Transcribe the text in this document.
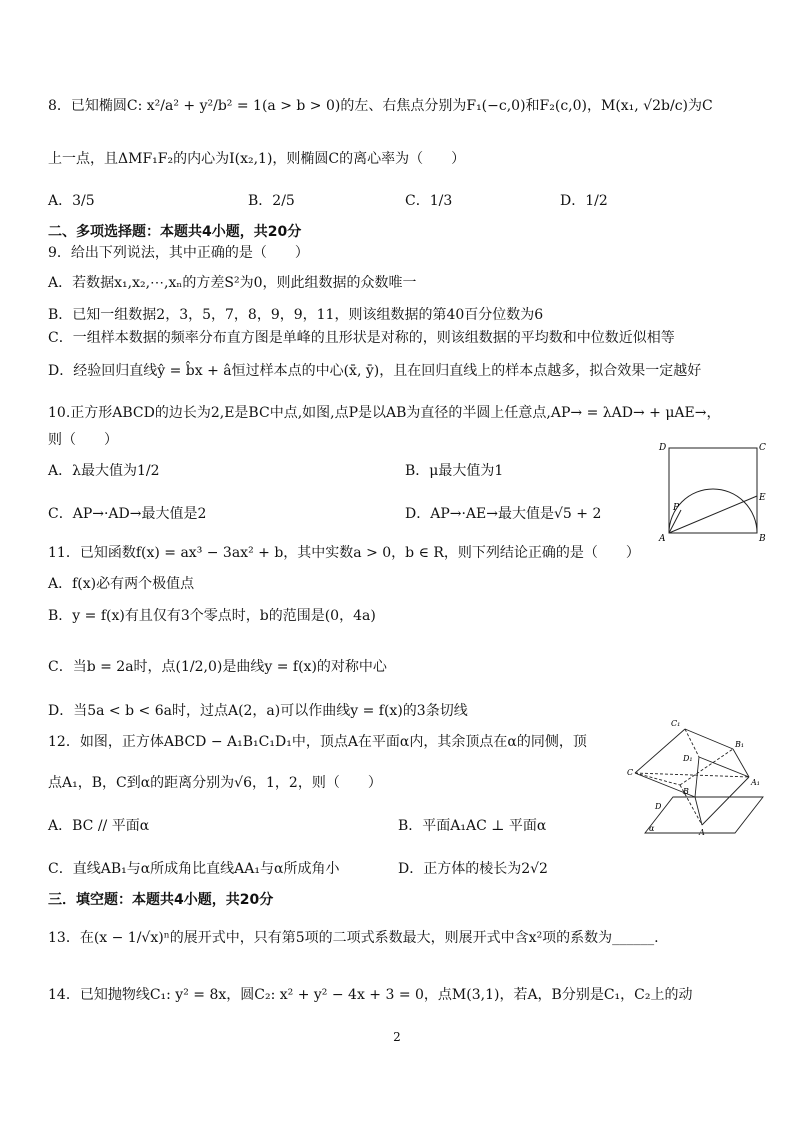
8．已知椭圆C: x²/a² + y²/b² = 1(a > b > 0)的左、右焦点分别为F₁(−c,0)和F₂(c,0)，M(x₁, √2b/c)为C
上一点，且ΔMF₁F₂的内心为I(x₂,1)，则椭圆C的离心率为（　　）
A．3/5	B．2/5	C．1/3	D．1/2
二、多项选择题：本题共4小题，共20分
9．给出下列说法，其中正确的是（　　）
A．若数据x₁,x₂,⋯,xₙ的方差S²为0，则此组数据的众数唯一
B．已知一组数据2，3，5，7，8，9，9，11，则该组数据的第40百分位数为6
C．一组样本数据的频率分布直方图是单峰的且形状是对称的，则该组数据的平均数和中位数近似相等
D．经验回归直线ŷ = b̂x + â恒过样本点的中心(x̄, ȳ)，且在回归直线上的样本点越多，拟合效果一定越好
10.正方形ABCD的边长为2,E是BC中点,如图,点P是以AB为直径的半圆上任意点,AP→ = λAD→ + μAE→，
则（　　）
A．λ最大值为1/2	B．μ最大值为1
C．AP→·AD→最大值是2	D．AP→·AE→最大值是√5 + 2
D	C
P
E
A	B
11．已知函数f(x) = ax³ − 3ax² + b，其中实数a > 0，b ∈ R，则下列结论正确的是（　　）
A．f(x)必有两个极值点
B．y = f(x)有且仅有3个零点时，b的范围是(0，4a)
C．当b = 2a时，点(1/2,0)是曲线y = f(x)的对称中心
D．当5a < b < 6a时，过点A(2，a)可以作曲线y = f(x)的3条切线
12．如图，正方体ABCD − A₁B₁C₁D₁中，顶点A在平面α内，其余顶点在α的同侧，顶
点A₁，B，C到α的距离分别为√6，1，2，则（　　）
A．BC // 平面α	B．平面A₁AC ⊥ 平面α
C．直线AB₁与α所成角比直线AA₁与α所成角小	D．正方体的棱长为2√2
C₁
D₁
B₁
A₁
C
B
D
A
α
三．填空题：本题共4小题，共20分
13．在(x − 1/√x)ⁿ的展开式中，只有第5项的二项式系数最大，则展开式中含x²项的系数为______.
14．已知抛物线C₁: y² = 8x，圆C₂: x² + y² − 4x + 3 = 0，点M(3,1)，若A，B分别是C₁，C₂上的动
2
